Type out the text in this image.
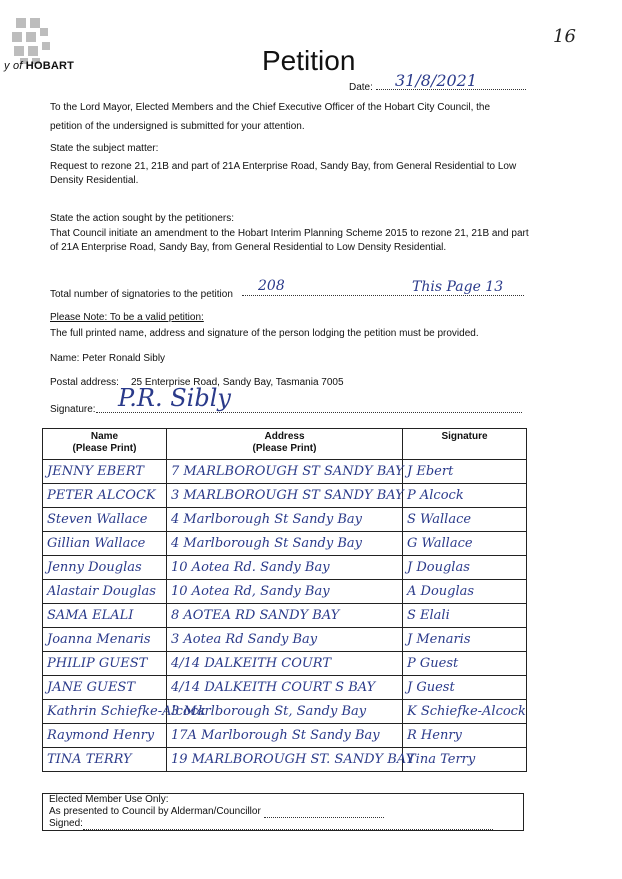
y of HOBART
16
Petition
Date: 31/8/2021
To the Lord Mayor, Elected Members and the Chief Executive Officer of the Hobart City Council, the petition of the undersigned is submitted for your attention.
State the subject matter:
Request to rezone 21, 21B and part of 21A Enterprise Road, Sandy Bay, from General Residential to Low Density Residential.
State the action sought by the petitioners:
That Council initiate an amendment to the Hobart Interim Planning Scheme 2015 to rezone 21, 21B and part of 21A Enterprise Road, Sandy Bay, from General Residential to Low Density Residential.
Total number of signatories to the petition
208	This Page 13
Please Note: To be a valid petition:
The full printed name, address and signature of the person lodging the petition must be provided.
Name: Peter Ronald Sibly
Postal address: 25 Enterprise Road, Sandy Bay, Tasmania 7005
Signature: P.R. Sibly
Name
(Please Print)	Address
(Please Print)	Signature
JENNY EBERT	7 MARLBOROUGH ST SANDY BAY	J Ebert
PETER ALCOCK	3 MARLBOROUGH ST SANDY BAY	P Alcock
Steven Wallace	4 Marlborough St Sandy Bay	S Wallace
Gillian Wallace	4 Marlborough St Sandy Bay	G Wallace
Jenny Douglas	10 Aotea Rd. Sandy Bay	J Douglas
Alastair Douglas	10 Aotea Rd, Sandy Bay	A Douglas
SAMA ELALI	8 AOTEA RD SANDY BAY	S Elali
Joanna Menaris	3 Aotea Rd Sandy Bay	J Menaris
PHILIP GUEST	4/14 DALKEITH COURT	P Guest
JANE GUEST	4/14 DALKEITH COURT S BAY	J Guest
Kathrin Schiefke-Alcock	3 Marlborough St, Sandy Bay	K Schiefke-Alcock
Raymond Henry	17A Marlborough St Sandy Bay	R Henry
TINA TERRY	19 MARLBOROUGH ST. SANDY BAY	Tina Terry
Elected Member Use Only:
As presented to Council by Alderman/Councillor
Signed:
